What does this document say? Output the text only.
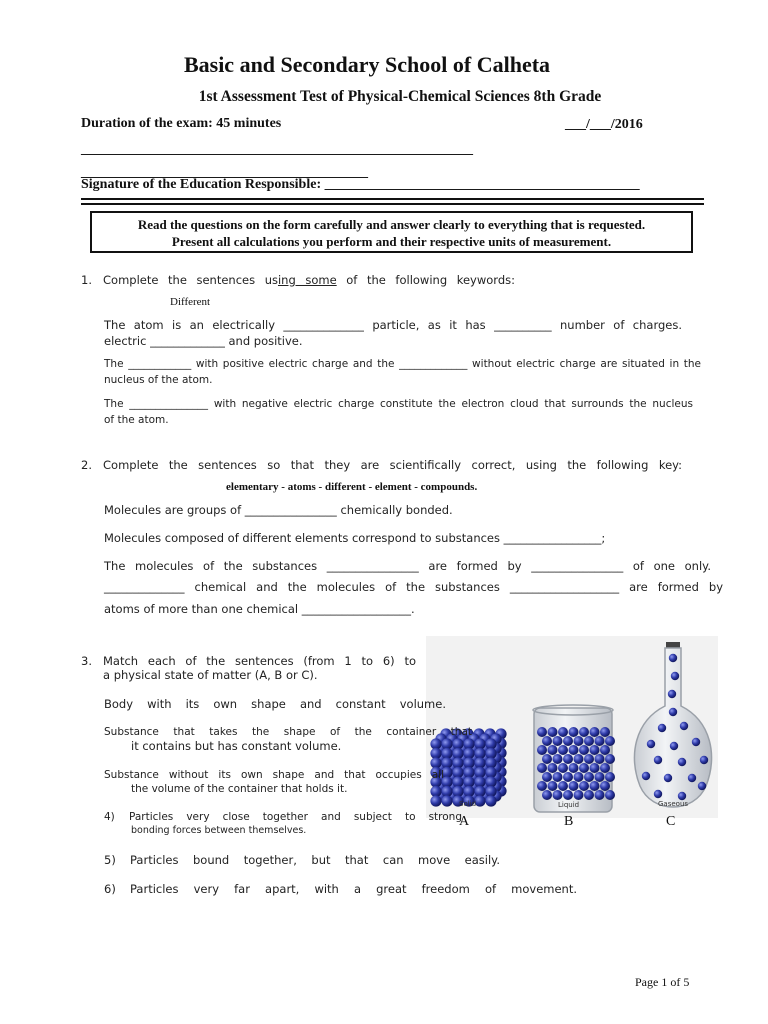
Basic and Secondary School of Calheta
1st Assessment Test of Physical-Chemical Sciences 8th Grade
Duration of the exam: 45 minutes	___/___/2016
________________________________________________________
_________________________________________
Signature of the Education Responsible: _____________________________________________
Read the questions on the form carefully and answer clearly to everything that is requested.
Present all calculations you perform and their respective units of measurement.
1. Complete the sentences using some of the following keywords:
Different
The atom is an electrically ______________ particle, as it has __________ number of charges.
electric _____________ and positive.
The ____________ with positive electric charge and the _____________ without electric charge are situated in the
nucleus of the atom.
The _______________ with negative electric charge constitute the electron cloud that surrounds the nucleus
of the atom.
2. Complete the sentences so that they are scientifically correct, using the following key:
elementary - atoms - different - element - compounds.
Molecules are groups of ________________ chemically bonded.
Molecules composed of different elements correspond to substances _________________;
The molecules of the substances ________________ are formed by ________________ of one only.
______________ chemical and the molecules of the substances ___________________ are formed by
atoms of more than one chemical ___________________.
Solid	Liquid	Gaseous
A	B	C
3. Match each of the sentences (from 1 to 6) to
a physical state of matter (A, B or C).
Body with its own shape and constant volume.
Substance that takes the shape of the container that
it contains but has constant volume.
Substance without its own shape and that occupies all
the volume of the container that holds it.
4) Particles very close together and subject to strong
bonding forces between themselves.
5) Particles bound together, but that can move easily.
6) Particles very far apart, with a great freedom of movement.
Page 1 of 5
